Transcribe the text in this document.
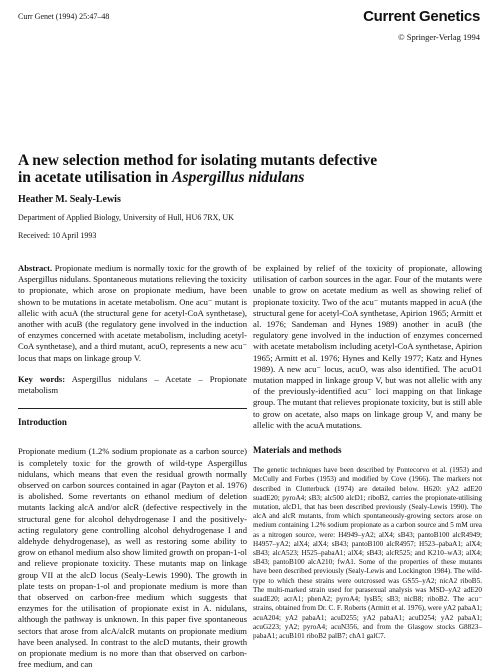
Curr Genet (1994) 25:47–48	Current Genetics
© Springer-Verlag 1994
A new selection method for isolating mutants defective
in acetate utilisation in Aspergillus nidulans
Heather M. Sealy-Lewis
Department of Applied Biology, University of Hull, HU6 7RX, UK
Received: 10 April 1993

Abstract. Propionate medium is normally toxic for the growth of Aspergillus nidulans. Spontaneous mutations relieving the toxicity to propionate, which arose on propionate medium, have been shown to be mutations in acetate metabolism. One acu⁻ mutant is allelic with acuA (the structural gene for acetyl-CoA synthetase), another with acuB (the regulatory gene involved in the induction of enzymes concerned with acetate metabolism, including acetyl-CoA synthetase), and a third mutant, acuO, represents a new acu⁻ locus that maps on linkage group V.

Key words: Aspergillus nidulans – Acetate – Propionate metabolism

Introduction

Propionate medium (1.2% sodium propionate as a carbon source) is completely toxic for the growth of wild-type Aspergillus nidulans, which means that even the residual growth normally observed on carbon sources contained in agar (Payton et al. 1976) is abolished. Some revertants on ethanol medium of deletion mutants lacking alcA and/or alcR (defective respectively in the structural gene for alcohol dehydrogenase I and the positively-acting regulatory gene controlling alcohol dehydrogenase I and aldehyde dehydrogenase), as well as restoring some ability to grow on ethanol medium also show limited growth on propan-1-ol and relieve propionate toxicity. These mutants map on linkage group VII at the alcD locus (Sealy-Lewis 1990). The growth in plate tests on propan-1-ol and propionate medium is more than that observed on carbon-free medium which suggests that enzymes for the utilisation of propionate exist in A. nidulans, although the pathway is unknown. In this paper five spontaneous sectors that arose from alcA/alcR mutants on propionate medium have been analysed. In contrast to the alcD mutants, their growth on propionate medium is no more than that observed on carbon-free medium, and can

be explained by relief of the toxicity of propionate, allowing utilisation of carbon sources in the agar. Four of the mutants were unable to grow on acetate medium as well as showing relief of propionate toxicity. Two of the acu⁻ mutants mapped in acuA (the structural gene for acetyl-CoA synthetase, Apirion 1965; Armitt et al. 1976; Sandeman and Hynes 1989) another in acuB (the regulatory gene involved in the induction of enzymes concerned with acetate metabolism including acetyl-CoA synthetase, Apirion 1965; Armitt et al. 1976; Hynes and Kelly 1977; Katz and Hynes 1989). A new acu⁻ locus, acuO, was also identified. The acuO1 mutation mapped in linkage group V, but was not allelic with any of the previously-identified acu⁻ loci mapping on that linkage group. The mutant that relieves propionate toxicity, but is still able to grow on acetate, also maps on linkage group V, and many be allelic with the acuA mutations.

Materials and methods

The genetic techniques have been described by Pontecorvo et al. (1953) and McCully and Forbes (1953) and modified by Cove (1966). The markers not described in Clutterbuck (1974) are detailed below. H620: yA2 adE20 suadE20; pyroA4; sB3; alc500 alcD1; riboB2, carries the propionate-utilising mutation, alcD1, that has been described previously (Sealy-Lewis 1990). The alcA and alcR mutants, from which spontaneously-growing sectors arose on medium containing 1.2% sodium propionate as a carbon source and 5 mM urea as a nitrogen source, were: H4949–yA2; alX4; sB43; pantoB100 alcR4949; H4957–yA2; alX4; alX4; sB43; pantoB100 alcR4957; H523–pabaA1; alX4; sB43; alcA523; H525–pabaA1; alX4; sB43; alcR525; and K210–wA3; alX4; sB43; pantoB100 alcA210; fwA1. Some of the properties of these mutants have been described previously (Sealy-Lewis and Lockington 1984). The wild-type to which these strains were outcrossed was GS55–yA2; nicA2 riboB5. The multi-marked strain used for parasexual analysis was MSD–yA2 adE20 suadE20; acrA1; phenA2; pyroA4; lysB5; sB3; nicB8; riboB2. The acu⁻ strains, obtained from Dr. C. F. Roberts (Armitt et al. 1976), were yA2 pabaA1; acuA204; yA2 pabaA1; acuD255; yA2 pabaA1; acuD254; yA2 pabaA1; acuG223; yA2; pyroA4; acuN356, and from the Glasgow stocks G8823–pabaA1; acuB101 riboB2 palB7; chA1 galC7.
